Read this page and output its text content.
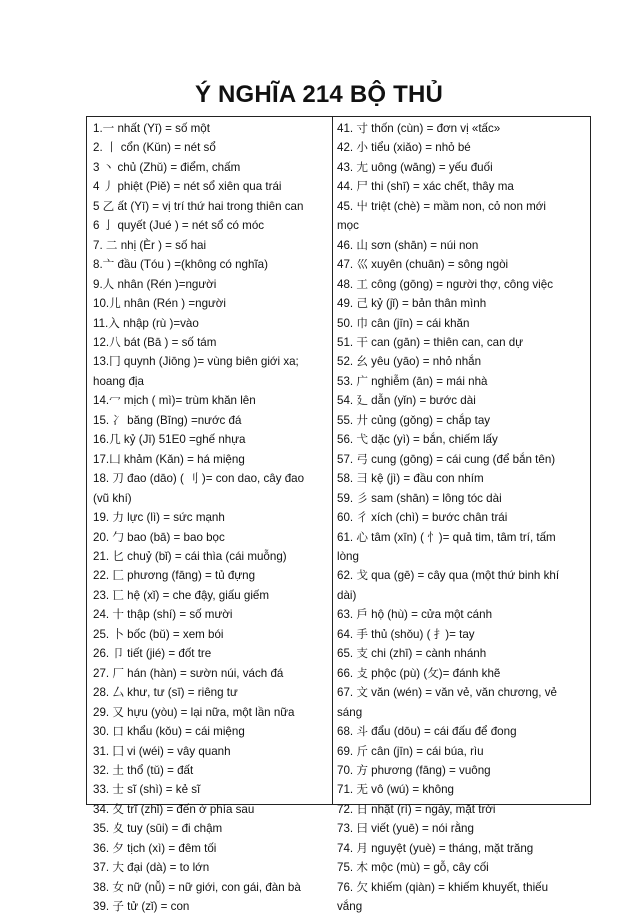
Ý NGHĨA 214 BỘ THỦ
1.一 nhất (Yī) = số một
2. 丨 cổn (Kǔn) = nét sổ
3 丶 chủ (Zhǔ) = điểm, chấm
4 丿 phiệt (Piě) = nét sổ xiên qua trái
5 乙 ất (Yī) = vị trí thứ hai trong thiên can
6 亅 quyết (Jué ) = nét sổ có móc
7. 二 nhị (Èr ) = số hai
8.亠 đầu (Tóu ) =(không có nghĩa)
9.人 nhân (Rén )=người
10.儿 nhân (Rén ) =người
11.入 nhập (rù )=vào
12.八 bát (Bā ) = số tám
13.冂 quynh (Jiōng )= vùng biên giới xa;
hoang địa
14.冖 mịch ( mì)= trùm khăn lên
15. 冫 băng (Bīng) =nước đá
16.几 kỷ (Jī) 51E0 =ghế nhựa
17.凵 khảm (Kǎn) = há miệng
18. 刀 đao (dāo) ( 刂 )= con dao, cây đao
(vũ khí)
19. 力 lực (lì) = sức mạnh
20. 勹 bao (bā) = bao bọc
21. 匕 chuỷ (bǐ) = cái thìa (cái muỗng)
22. 匚 phương (fāng) = tủ đựng
23. 匸 hệ (xǐ) = che đậy, giấu giếm
24. 十 thập (shí) = số mười
25. 卜 bốc (bǔ) = xem bói
26. 卩 tiết (jié) = đốt tre
27. 厂 hán (hàn) = sườn núi, vách đá
28. 厶 khư, tư (sī) = riêng tư
29. 又 hựu (yòu) = lại nữa, một lần nữa
30. 口 khẩu (kǒu) = cái miệng
31. 囗 vi (wéi) = vây quanh
32. 土 thổ (tǔ) = đất
33. 士 sĩ (shì) = kẻ sĩ
34. 夂 trĩ (zhǐ) = đến ở phía sau
35. 夊 tuy (sūi) = đi chậm
36. 夕 tịch (xì) = đêm tối
37. 大 đại (dà) = to lớn
38. 女 nữ (nǚ) = nữ giới, con gái, đàn bà
39. 子 tử (zǐ) = con
41. 寸 thốn (cùn) = đơn vị «tấc»
42. 小 tiểu (xiǎo) = nhỏ bé
43. 尢 uông (wāng) = yếu đuối
44. 尸 thi (shī) = xác chết, thây ma
45. 屮 triệt (chè) = mầm non, cỏ non mới
mọc
46. 山 sơn (shān) = núi non
47. 巛 xuyên (chuān) = sông ngòi
48. 工 công (gōng) = người thợ, công việc
49. 己 kỷ (jǐ) = bản thân mình
50. 巾 cân (jīn) = cái khăn
51. 干 can (gān) = thiên can, can dự
52. 幺 yêu (yāo) = nhỏ nhắn
53. 广 nghiễm (ān) = mái nhà
54. 廴 dẫn (yǐn) = bước dài
55. 廾 củng (gǒng) = chắp tay
56. 弋 dặc (yì) = bắn, chiếm lấy
57. 弓 cung (gōng) = cái cung (để bắn tên)
58. 彐 kệ (jì) = đầu con nhím
59. 彡 sam (shān) = lông tóc dài
60. 彳 xích (chì) = bước chân trái
61. 心 tâm (xīn) ( 忄)= quả tim, tâm trí, tấm
lòng
62. 戈 qua (gē) = cây qua (một thứ binh khí
dài)
63. 戶 hộ (hù) = cửa một cánh
64. 手 thủ (shǒu) ( 扌)= tay
65. 支 chi (zhī) = cành nhánh
66. 攴 phộc (pù) (攵)= đánh khẽ
67. 文 văn (wén) = văn vẻ, văn chương, vẻ
sáng
68. 斗 đẩu (dōu) = cái đấu để đong
69. 斤 cân (jīn) = cái búa, rìu
70. 方 phương (fāng) = vuông
71. 无 vô (wú) = không
72. 日 nhật (rì) = ngày, mặt trời
73. 曰 viết (yuē) = nói rằng
74. 月 nguyệt (yuè) = tháng, mặt trăng
75. 木 mộc (mù) = gỗ, cây cối
76. 欠 khiếm (qiàn) = khiếm khuyết, thiếu
vắng
